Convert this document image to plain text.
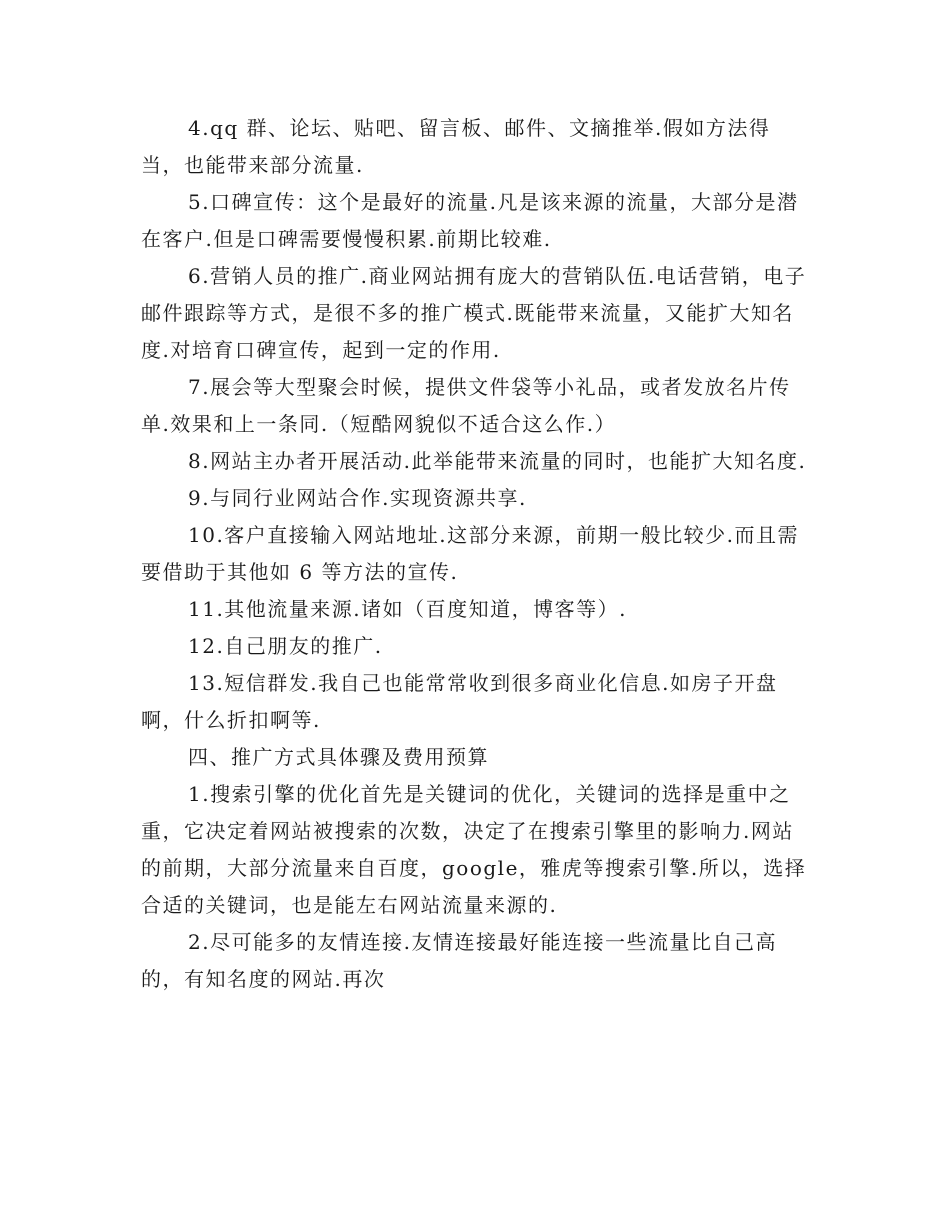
4.qq 群、论坛、贴吧、留言板、邮件、文摘推举.假如方法得当，也能带来部分流量.

5.口碑宣传：这个是最好的流量.凡是该来源的流量，大部分是潜在客户.但是口碑需要慢慢积累.前期比较难.

6.营销人员的推广.商业网站拥有庞大的营销队伍.电话营销，电子邮件跟踪等方式，是很不多的推广模式.既能带来流量，又能扩大知名度.对培育口碑宣传，起到一定的作用.

7.展会等大型聚会时候，提供文件袋等小礼品，或者发放名片传单.效果和上一条同.（短酷网貌似不适合这么作.）

8.网站主办者开展活动.此举能带来流量的同时，也能扩大知名度.

9.与同行业网站合作.实现资源共享.

10.客户直接输入网站地址.这部分来源，前期一般比较少.而且需要借助于其他如 6 等方法的宣传.

11.其他流量来源.诸如（百度知道，博客等）.

12.自己朋友的推广.

13.短信群发.我自己也能常常收到很多商业化信息.如房子开盘啊，什么折扣啊等.

四、推广方式具体骤及费用预算

1.搜索引擎的优化首先是关键词的优化，关键词的选择是重中之重，它决定着网站被搜索的次数，决定了在搜索引擎里的影响力.网站的前期，大部分流量来自百度，google，雅虎等搜索引擎.所以，选择合适的关键词，也是能左右网站流量来源的.

2.尽可能多的友情连接.友情连接最好能连接一些流量比自己高的，有知名度的网站.再次
